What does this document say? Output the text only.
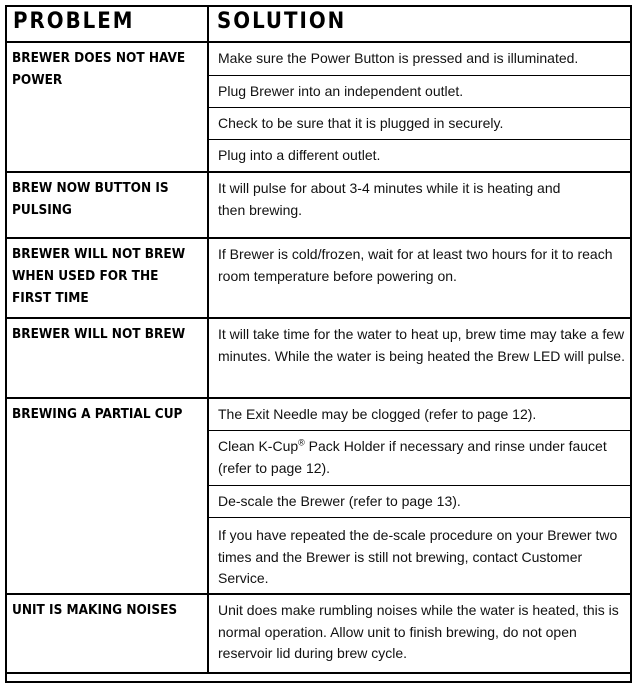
PROBLEM	SOLUTION
BREWER DOES NOT HAVE POWER	Make sure the Power Button is pressed and is illuminated.
Plug Brewer into an independent outlet.
Check to be sure that it is plugged in securely.
Plug into a different outlet.

BREW NOW BUTTON IS PULSING	It will pulse for about 3-4 minutes while it is heating and then brewing.

BREWER WILL NOT BREW WHEN USED FOR THE FIRST TIME	If Brewer is cold/frozen, wait for at least two hours for it to reach room temperature before powering on.

BREWER WILL NOT BREW	It will take time for the water to heat up, brew time may take a few minutes. While the water is being heated the Brew LED will pulse.

BREWING A PARTIAL CUP	The Exit Needle may be clogged (refer to page 12).
Clean K-Cup® Pack Holder if necessary and rinse under faucet (refer to page 12).
De-scale the Brewer (refer to page 13).
If you have repeated the de-scale procedure on your Brewer two times and the Brewer is still not brewing, contact Customer Service.

UNIT IS MAKING NOISES	Unit does make rumbling noises while the water is heated, this is normal operation. Allow unit to finish brewing, do not open reservoir lid during brew cycle.
